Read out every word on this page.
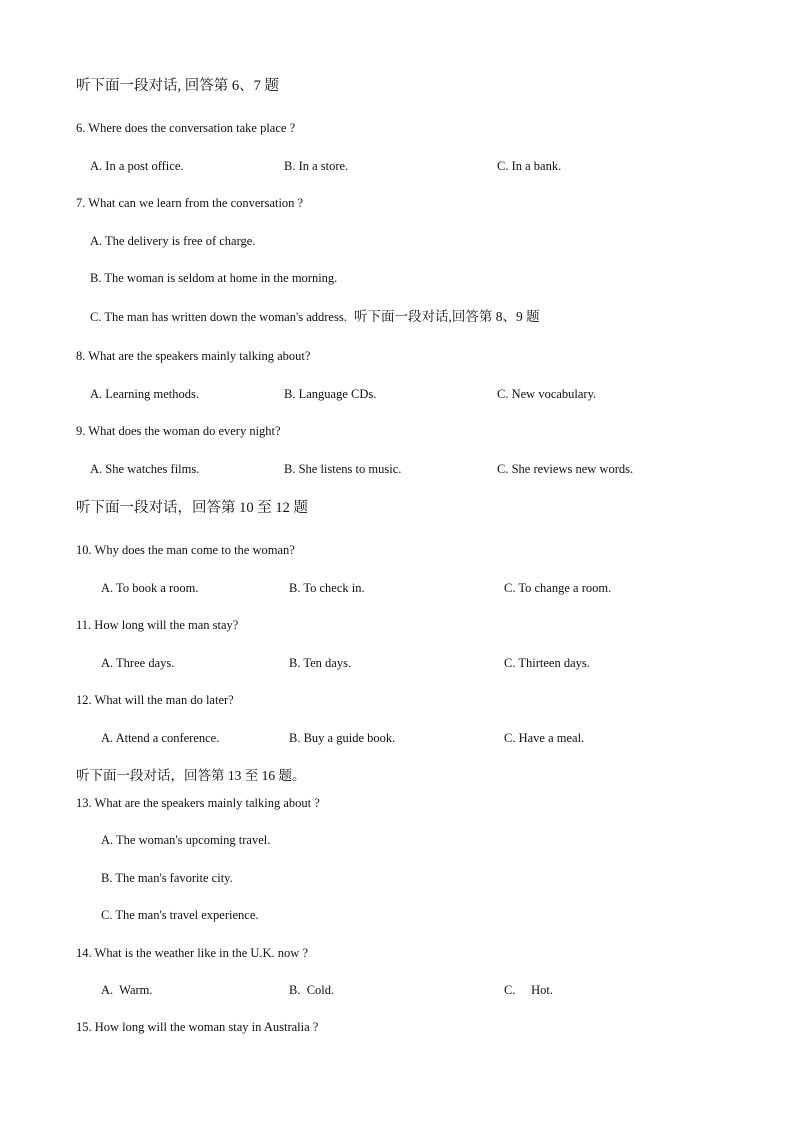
听下面一段对话, 回答第 6、7 题
6. Where does the conversation take place ?
A. In a post office.	B. In a store.	C. In a bank.
7. What can we learn from the conversation ?
A. The delivery is free of charge.
B. The woman is seldom at home in the morning.
C. The man has written down the woman's address. 听下面一段对话,回答第 8、9 题
8. What are the speakers mainly talking about?
A. Learning methods.	B. Language CDs.	C. New vocabulary.
9. What does the woman do every night?
A. She watches films.	B. She listens to music.	C. She reviews new words.
听下面一段对话，回答第 10 至 12 题
10. Why does the man come to the woman?
A. To book a room.	B. To check in.	C. To change a room.
11. How long will the man stay?
A. Three days.	B. Ten days.	C. Thirteen days.
12. What will the man do later?
A. Attend a conference.	B. Buy a guide book.	C. Have a meal.
听下面一段对话，回答第 13 至 16 题。
13. What are the speakers mainly talking about ?
A. The woman's upcoming travel.
B. The man's favorite city.
C. The man's travel experience.
14. What is the weather like in the U.K. now ?
A.  Warm.	B.  Cold.	C.     Hot.
15. How long will the woman stay in Australia ?
